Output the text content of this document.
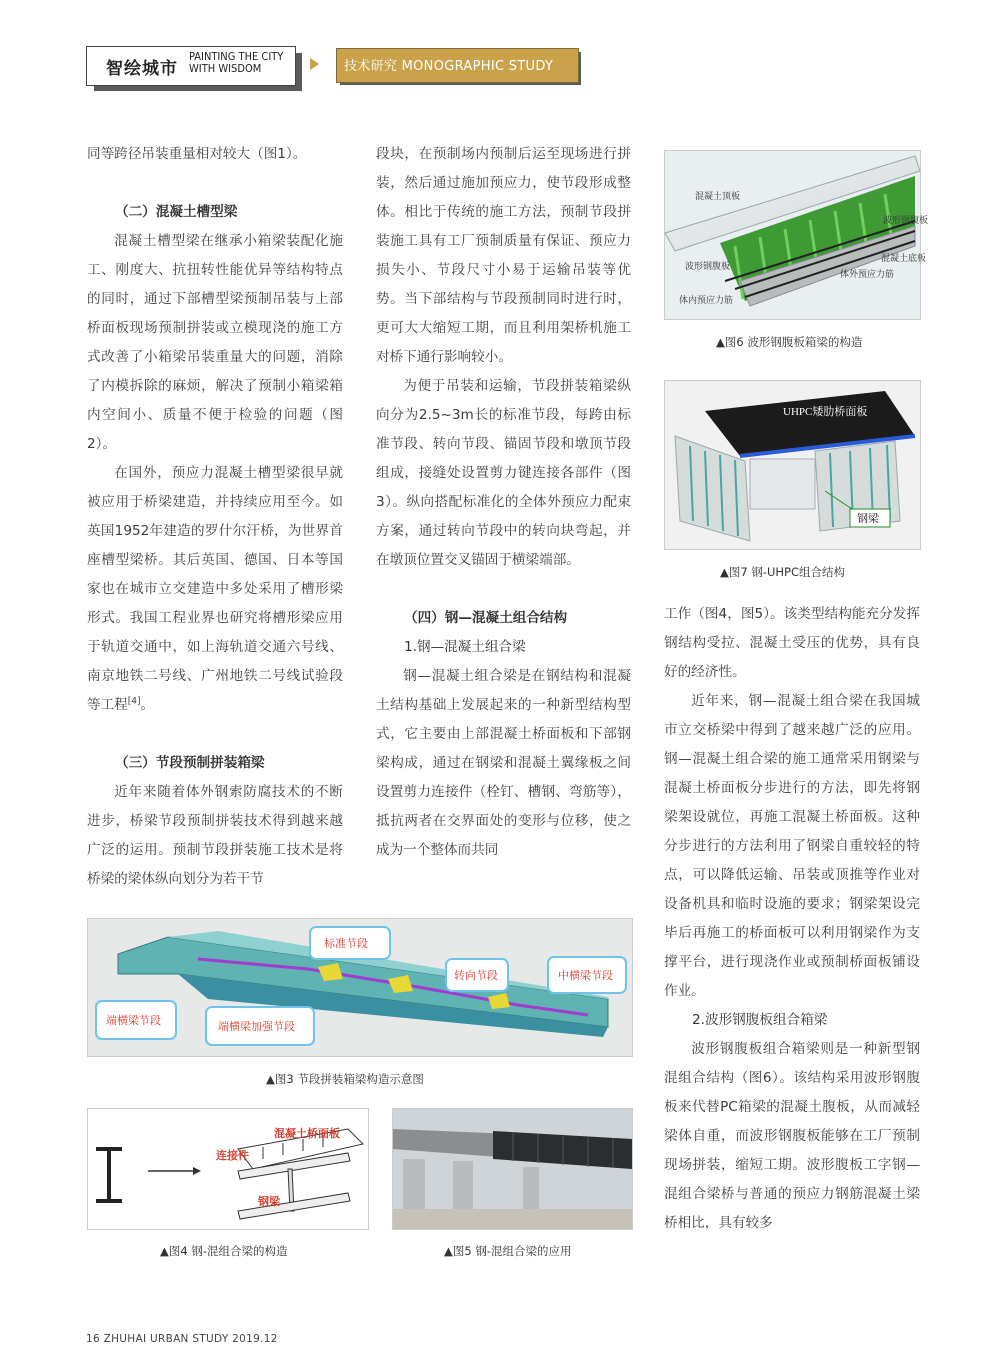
智绘城市
PAINTING THE CITY
WITH WISDOM	技术研究 MONOGRAPHIC STUDY

同等跨径吊装重量相对较大（图1）。

（二）混凝土槽型梁

混凝土槽型梁在继承小箱梁装配化施工、刚度大、抗扭转性能优异等结构特点的同时，通过下部槽型梁预制吊装与上部桥面板现场预制拼装或立模现浇的施工方式改善了小箱梁吊装重量大的问题，消除了内模拆除的麻烦，解决了预制小箱梁箱内空间小、质量不便于检验的问题（图2）。

在国外，预应力混凝土槽型梁很早就被应用于桥梁建造，并持续应用至今。如英国1952年建造的罗什尔汗桥，为世界首座槽型梁桥。其后英国、德国、日本等国家也在城市立交建造中多处采用了槽形梁形式。我国工程业界也研究将槽形梁应用于轨道交通中，如上海轨道交通六号线、南京地铁二号线、广州地铁二号线试验段等工程[4]。

（三）节段预制拼装箱梁

近年来随着体外钢索防腐技术的不断进步，桥梁节段预制拼装技术得到越来越广泛的运用。预制节段拼装施工技术是将桥梁的梁体纵向划分为若干节

段块，在预制场内预制后运至现场进行拼装，然后通过施加预应力，使节段形成整体。相比于传统的施工方法，预制节段拼装施工具有工厂预制质量有保证、预应力损失小、节段尺寸小易于运输吊装等优势。当下部结构与节段预制同时进行时，更可大大缩短工期，而且利用架桥机施工对桥下通行影响较小。

为便于吊装和运输，节段拼装箱梁纵向分为2.5~3m长的标准节段，每跨由标准节段、转向节段、锚固节段和墩顶节段组成，接缝处设置剪力键连接各部件（图3）。纵向搭配标准化的全体外预应力配束方案，通过转向节段中的转向块弯起，并在墩顶位置交叉锚固于横梁端部。

（四）钢—混凝土组合结构
1.钢—混凝土组合梁

钢—混凝土组合梁是在钢结构和混凝土结构基础上发展起来的一种新型结构型式，它主要由上部混凝土桥面板和下部钢梁构成，通过在钢梁和混凝土翼缘板之间设置剪力连接件（栓钉、槽钢、弯筋等），抵抗两者在交界面处的变形与位移，使之成为一个整体而共同

工作（图4，图5）。该类型结构能充分发挥钢结构受拉、混凝土受压的优势，具有良好的经济性。

近年来，钢—混凝土组合梁在我国城市立交桥梁中得到了越来越广泛的应用。钢—混凝土组合梁的施工通常采用钢梁与混凝土桥面板分步进行的方法，即先将钢梁架设就位，再施工混凝土桥面板。这种分步进行的方法利用了钢梁自重较轻的特点，可以降低运输、吊装或顶推等作业对设备机具和临时设施的要求；钢梁架设完毕后再施工的桥面板可以利用钢梁作为支撑平台，进行现浇作业或预制桥面板铺设作业。

2.波形钢腹板组合箱梁

波形钢腹板组合箱梁则是一种新型钢混组合结构（图6）。该结构采用波形钢腹板来代替PC箱梁的混凝土腹板，从而减轻梁体自重，而波形钢腹板能够在工厂预制现场拼装，缩短工期。波形腹板工字钢—混组合梁桥与普通的预应力钢筋混凝土梁桥相比，具有较多

混凝土顶板
波形钢腹板
波形钢腹板
混凝土底板
体外预应力筋
体内预应力筋
▲图6 波形钢腹板箱梁的构造
UHPC矮肋桥面板
钢梁
▲图7 钢-UHPC组合结构
标准节段
转向节段	中横梁节段
端横梁节段	端横梁加强节段
▲图3 节段拼装箱梁构造示意图
混凝土桥面板
连接件
钢梁
▲图4 钢-混组合梁的构造	▲图5 钢-混组合梁的应用
16 ZHUHAI URBAN STUDY 2019.12
